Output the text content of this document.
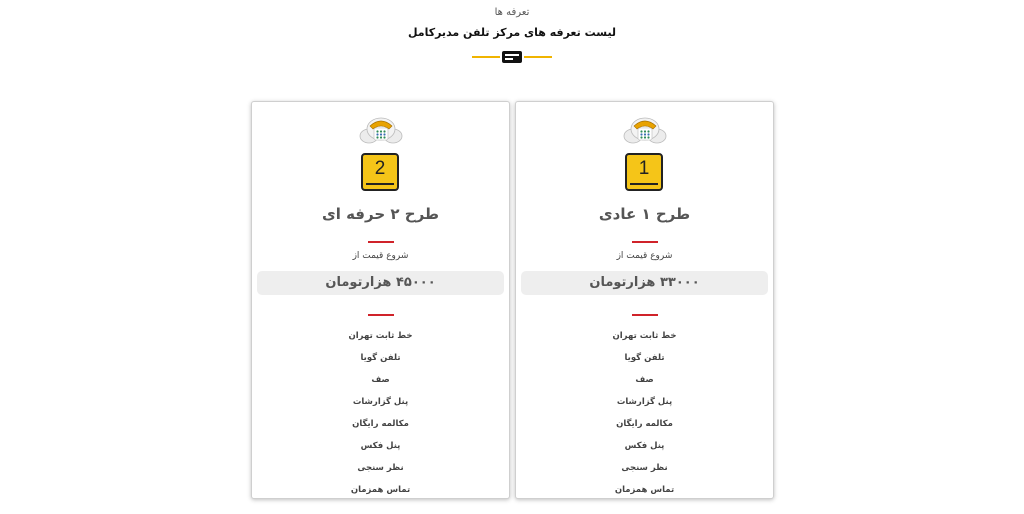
تعرفه ها
لیست تعرفه های مرکز تلفن مدیرکامل
1
طرح ۱ عادی
شروع قیمت از
۳۳۰۰۰ هزارتومان
خط ثابت تهران
تلفن گویا
صف
پنل گزارشات
مکالمه رایگان
پنل فکس
نظر سنجی
تماس همزمان
2
طرح ۲ حرفه ای
شروع قیمت از
۴۵۰۰۰ هزارتومان
خط ثابت تهران
تلفن گویا
صف
پنل گزارشات
مکالمه رایگان
پنل فکس
نظر سنجی
تماس همزمان
